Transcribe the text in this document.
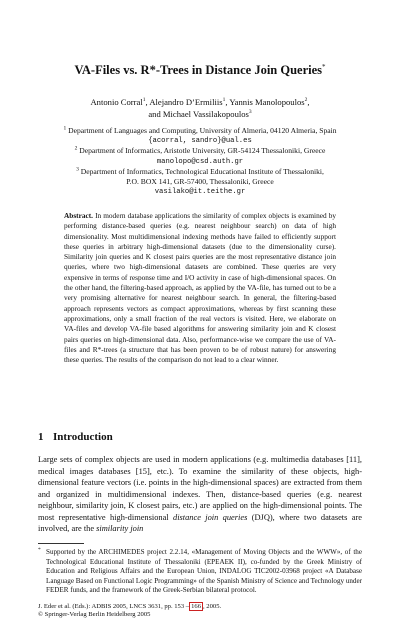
VA-Files vs. R*-Trees in Distance Join Queries*
Antonio Corral$^1$, Alejandro D’Ermiliis$^1$, Yannis Manolopoulos$^2$,
and Michael Vassilakopoulos$^3$
$^1$ Department of Languages and Computing, University of Almeria, 04120 Almeria, Spain
{acorral, sandro}@ual.es
$^2$ Department of Informatics, Aristotle University, GR-54124 Thessaloniki, Greece
manolopo@csd.auth.gr
$^3$ Department of Informatics, Technological Educational Institute of Thessaloniki,
P.O. BOX 141, GR-57400, Thessaloniki, Greece
vasilako@it.teithe.gr
Abstract. In modern database applications the similarity of complex objects is examined by performing distance-based queries (e.g. nearest neighbour search) on data of high dimensionality. Most multidimensional indexing methods have failed to efficiently support these queries in arbitrary high-dimensional datasets (due to the dimensionality curse). Similarity join queries and K closest pairs queries are the most representative distance join queries, where two high-dimensional datasets are combined. These queries are very expensive in terms of response time and I/O activity in case of high-dimensional spaces. On the other hand, the filtering-based approach, as applied by the VA-file, has turned out to be a very promising alternative for nearest neighbour search. In general, the filtering-based approach represents vectors as compact approximations, whereas by first scanning these approximations, only a small fraction of the real vectors is visited. Here, we elaborate on VA-files and develop VA-file based algorithms for answering similarity join and K closest pairs queries on high-dimensional data. Also, performance-wise we compare the use of VA-files and R*-trees (a structure that has been proven to be of robust nature) for answering these queries. The results of the comparison do not lead to a clear winner.
1 Introduction
Large sets of complex objects are used in modern applications (e.g. multimedia databases [11], medical images databases [15], etc.). To examine the similarity of these objects, high-dimensional feature vectors (i.e. points in the high-dimensional spaces) are extracted from them and organized in multidimensional indexes. Then, distance-based queries (e.g. nearest neighbour, similarity join, K closest pairs, etc.) are applied on the high-dimensional points. The most representative high-dimensional distance join queries (DJQ), where two datasets are involved, are the similarity join
* Supported by the ARCHIMEDES project 2.2.14, «Management of Moving Objects and the WWW», of the Technological Educational Institute of Thessaloniki (EPEAEK II), co-funded by the Greek Ministry of Education and Religious Affairs and the European Union, INDALOG TIC2002-03968 project «A Database Language Based on Functional Logic Programming» of the Spanish Ministry of Science and Technology under FEDER funds, and the framework of the Greek-Serbian bilateral protocol.
J. Eder et al. (Eds.): ADBIS 2005, LNCS 3631, pp. 153 – 166 , 2005.
© Springer-Verlag Berlin Heidelberg 2005
